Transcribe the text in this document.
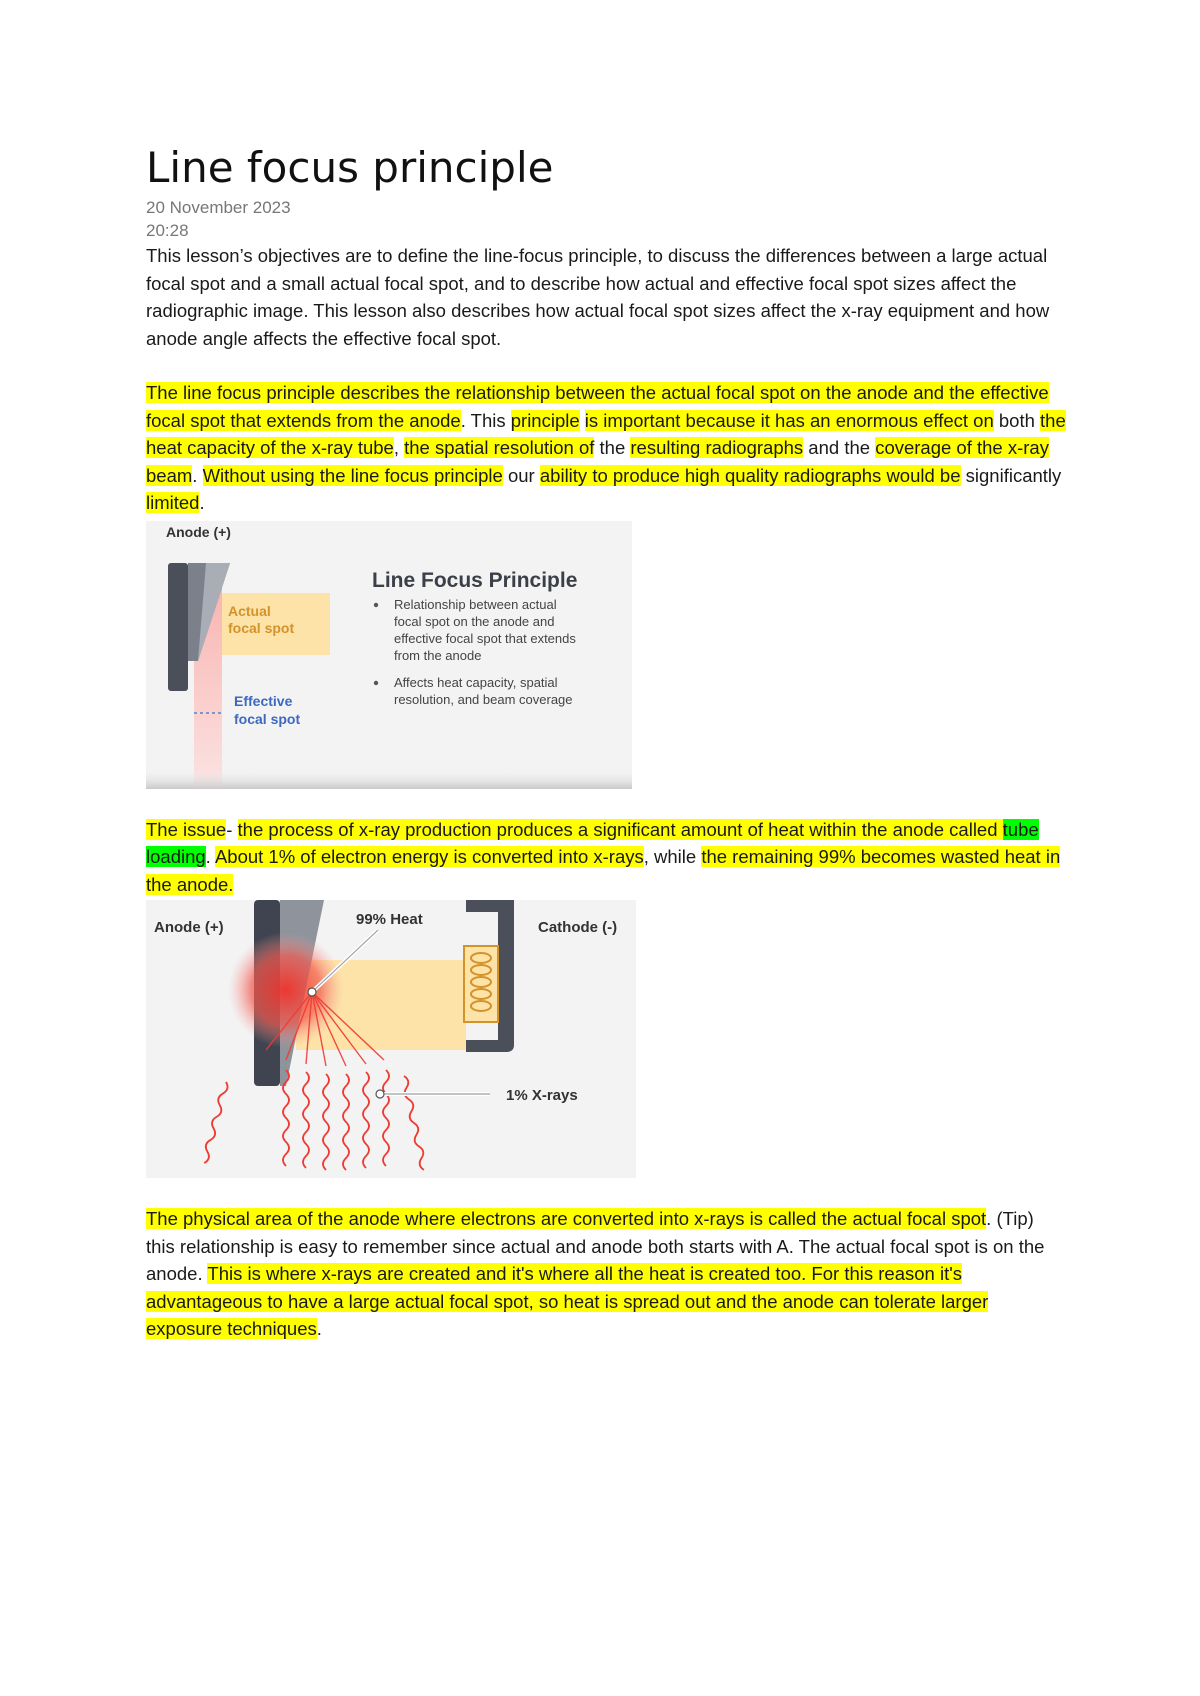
Line focus principle
20 November 2023
20:28

This lesson’s objectives are to define the line-focus principle, to discuss the differences between a large actual focal spot and a small actual focal spot, and to describe how actual and effective focal spot sizes affect the radiographic image. This lesson also describes how actual focal spot sizes affect the x-ray equipment and how anode angle affects the effective focal spot.

The line focus principle describes the relationship between the actual focal spot on the anode and the effective focal spot that extends from the anode. This principle is important because it has an enormous effect on both the heat capacity of the x-ray tube, the spatial resolution of the resulting radiographs and the coverage of the x-ray beam. Without using the line focus principle our ability to produce high quality radiographs would be significantly limited.

Anode (+)
Actual
focal spot
Effective
focal spot
Line Focus Principle
Relationship between actual
focal spot on the anode and
effective focal spot that extends
from the anode
Affects heat capacity, spatial
resolution, and beam coverage

The issue- the process of x-ray production produces a significant amount of heat within the anode called tube loading. About 1% of electron energy is converted into x-rays, while the remaining 99% becomes wasted heat in the anode.

Anode (+)	99% Heat	Cathode (-)
1% X-rays

The physical area of the anode where electrons are converted into x-rays is called the actual focal spot. (Tip) this relationship is easy to remember since actual and anode both starts with A. The actual focal spot is on the anode. This is where x-rays are created and it's where all the heat is created too. For this reason it's advantageous to have a large actual focal spot, so heat is spread out and the anode can tolerate larger exposure techniques.
